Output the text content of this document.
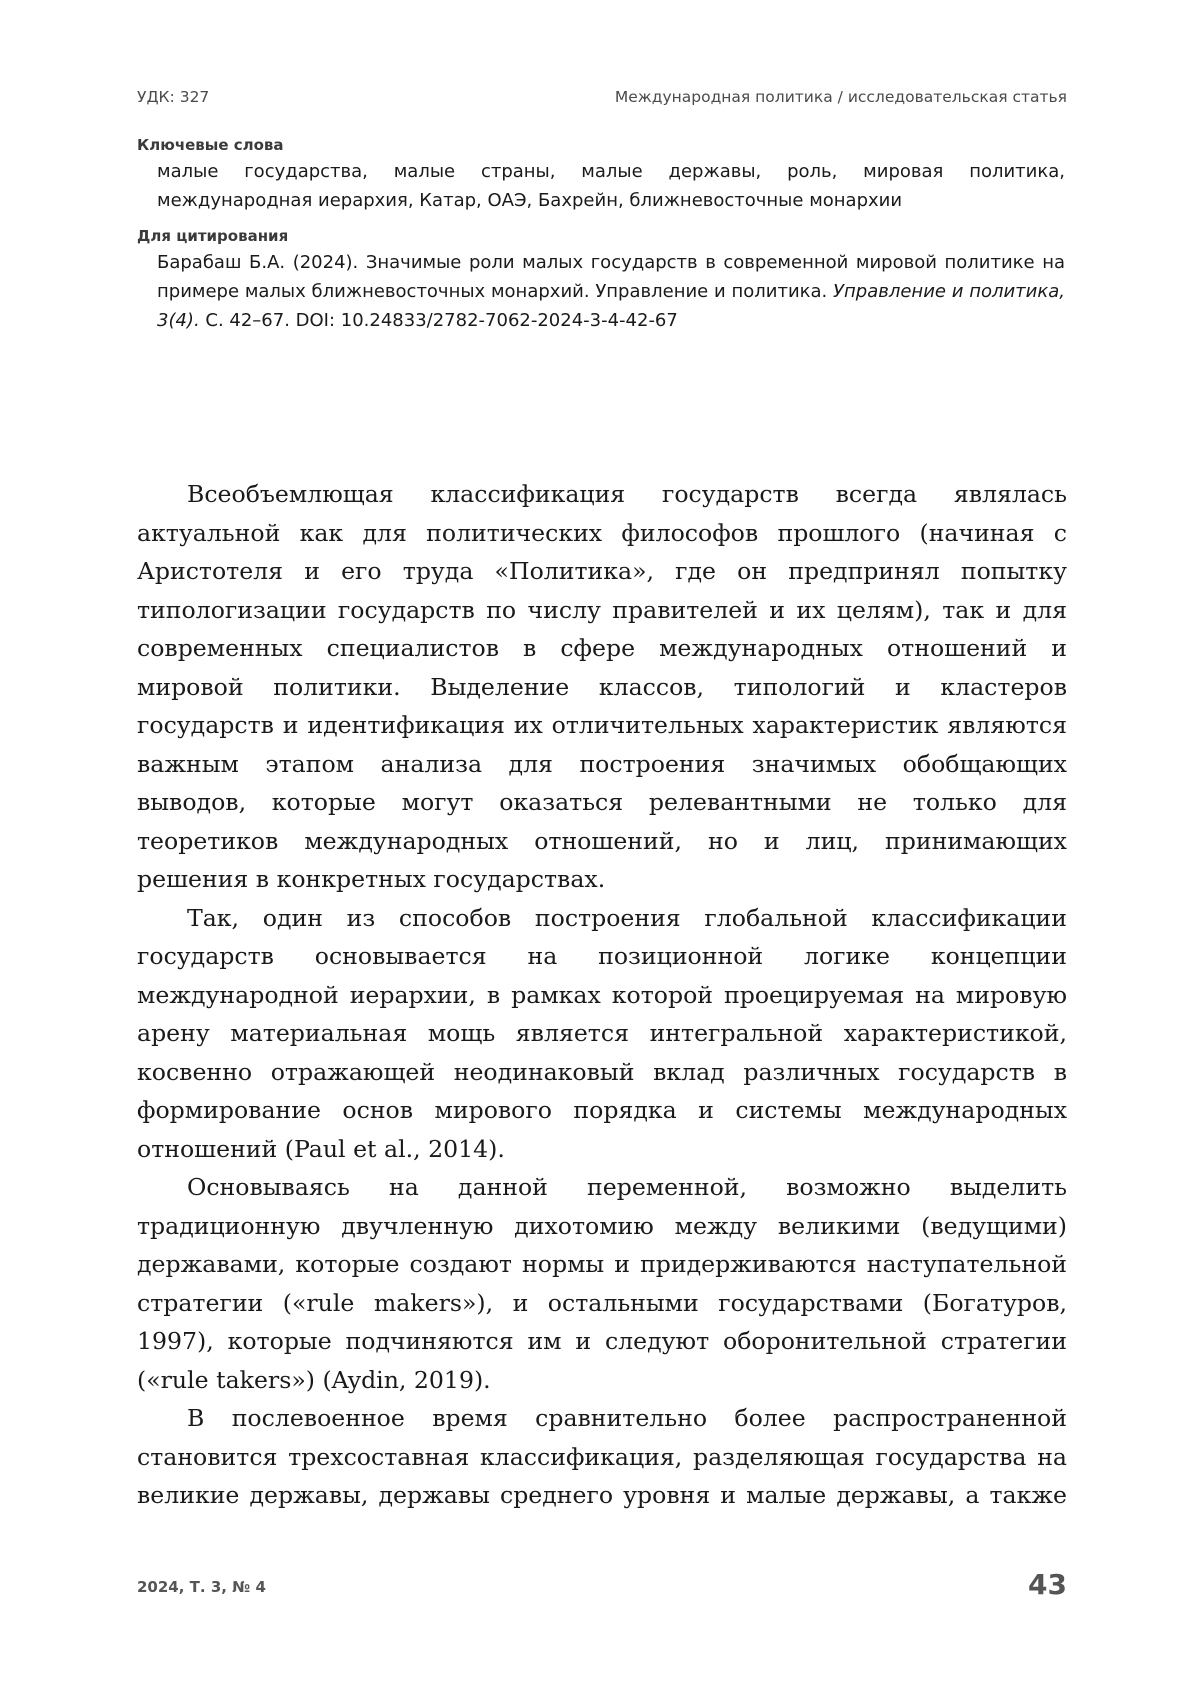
УДК: 327	Международная политика / исследовательская статья
Ключевые слова
малые государства, малые страны, малые державы, роль, мировая политика, международная иерархия, Катар, ОАЭ, Бахрейн, ближневосточные монархии
Для цитирования
Барабаш Б.А. (2024). Значимые роли малых государств в современной мировой политике на примере малых ближневосточных монархий. Управление и политика. Управление и политика, 3(4). С. 42–67. DOI: 10.24833/2782-7062-2024-3-4-42-67

Всеобъемлющая классификация государств всегда являлась актуальной как для политических философов прошлого (начиная с Аристотеля и его труда «Политика», где он предпринял попытку типологизации государств по числу правителей и их целям), так и для современных специалистов в сфере международных отношений и мировой политики. Выделение классов, типологий и кластеров государств и идентификация их отличительных характеристик являются важным этапом анализа для построения значимых обобщающих выводов, которые могут оказаться релевантными не только для теоретиков международных отношений, но и лиц, принимающих решения в конкретных государствах.

Так, один из способов построения глобальной классификации государств основывается на позиционной логике концепции международной иерархии, в рамках которой проецируемая на мировую арену материальная мощь является интегральной характеристикой, косвенно отражающей неодинаковый вклад различных государств в формирование основ мирового порядка и системы международных отношений (Paul et al., 2014).

Основываясь на данной переменной, возможно выделить традиционную двучленную дихотомию между великими (ведущими) державами, которые создают нормы и придерживаются наступательной стратегии («rule makers»), и остальными государствами (Богатуров, 1997), которые подчиняются им и следуют оборонительной стратегии («rule takers») (Aydin, 2019).

В послевоенное время сравнительно более распространенной становится трехсоставная классификация, разделяющая государства на великие державы, державы среднего уровня и малые державы, а также

2024, Т. 3, № 4	43
